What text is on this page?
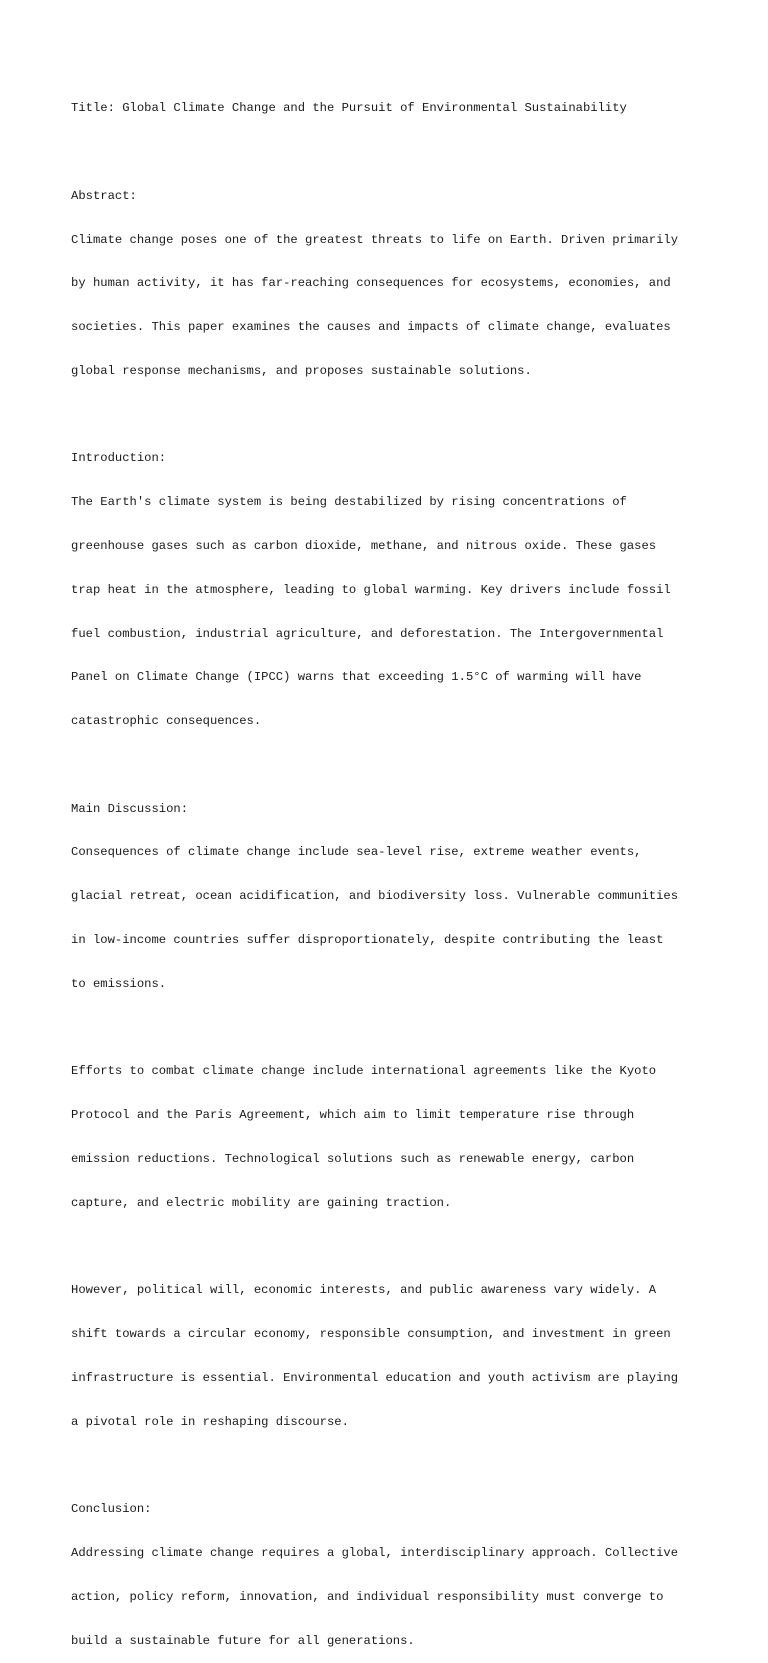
Title: Global Climate Change and the Pursuit of Environmental Sustainability

Abstract:

Climate change poses one of the greatest threats to life on Earth. Driven primarily

by human activity, it has far-reaching consequences for ecosystems, economies, and

societies. This paper examines the causes and impacts of climate change, evaluates

global response mechanisms, and proposes sustainable solutions.

Introduction:

The Earth's climate system is being destabilized by rising concentrations of

greenhouse gases such as carbon dioxide, methane, and nitrous oxide. These gases

trap heat in the atmosphere, leading to global warming. Key drivers include fossil

fuel combustion, industrial agriculture, and deforestation. The Intergovernmental

Panel on Climate Change (IPCC) warns that exceeding 1.5°C of warming will have

catastrophic consequences.

Main Discussion:

Consequences of climate change include sea-level rise, extreme weather events,

glacial retreat, ocean acidification, and biodiversity loss. Vulnerable communities

in low-income countries suffer disproportionately, despite contributing the least

to emissions.

Efforts to combat climate change include international agreements like the Kyoto

Protocol and the Paris Agreement, which aim to limit temperature rise through

emission reductions. Technological solutions such as renewable energy, carbon

capture, and electric mobility are gaining traction.

However, political will, economic interests, and public awareness vary widely. A

shift towards a circular economy, responsible consumption, and investment in green

infrastructure is essential. Environmental education and youth activism are playing

a pivotal role in reshaping discourse.

Conclusion:

Addressing climate change requires a global, interdisciplinary approach. Collective

action, policy reform, innovation, and individual responsibility must converge to

build a sustainable future for all generations.
